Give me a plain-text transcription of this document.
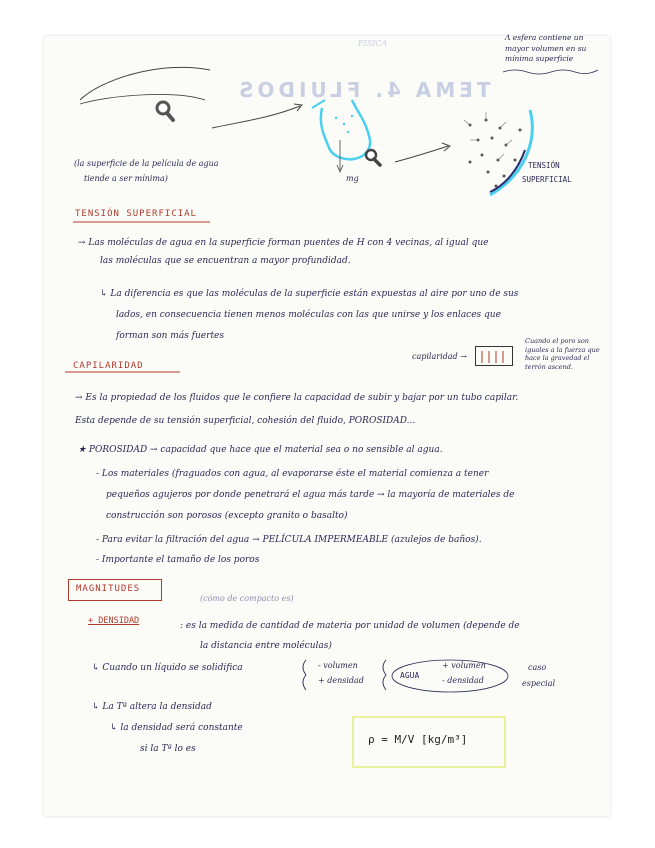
TEMA 4. FLUIDOS
FISICA
Λ esfera contiene un
mayor volumen en su
mínima superficie
(la superficie de la película de agua
tiende a ser mínima)	mg
TENSIÓN
SUPERFICIAL
TENSIÓN SUPERFICIAL
→ Las moléculas de agua en la superficie forman puentes de H con 4 vecinas, al igual que
las moléculas que se encuentran a mayor profundidad.
↳ La diferencia es que las moléculas de la superficie están expuestas al aire por uno de sus
lados, en consecuencia tienen menos moléculas con las que unirse y los enlaces que
forman son más fuertes
CAPILARIDAD
capilaridad →
Cuando el poro son
iguales a la fuerza que
hace la gravedad el
terrón ascend.
→ Es la propiedad de los fluidos que le confiere la capacidad de subir y bajar por un tubo capilar.
Esta depende de su tensión superficial, cohesión del fluido, POROSIDAD...
★ POROSIDAD → capacidad que hace que el material sea o no sensible al agua.
- Los materiales (fraguados con agua, al evaporarse éste el material comienza a tener
pequeños agujeros por donde penetrará el agua más tarde → la mayoría de materiales de
construcción son porosos (excepto granito o basalto)
- Para evitar la filtración del agua → PELÍCULA IMPERMEABLE (azulejos de baños).
- Importante el tamaño de los poros
MAGNITUDES
(cómo de compacto es)
+ DENSIDAD	: es la medida de cantidad de materia por unidad de volumen (depende de
la distancia entre moléculas)
↳ Cuando un líquido se solidifica	- volumen
+ densidad
AGUA
+ volumen
- densidad
caso
especial
↳ La Tª altera la densidad
↳ la densidad será constante
si la Tª lo es
ρ = M/V [kg/m³]
